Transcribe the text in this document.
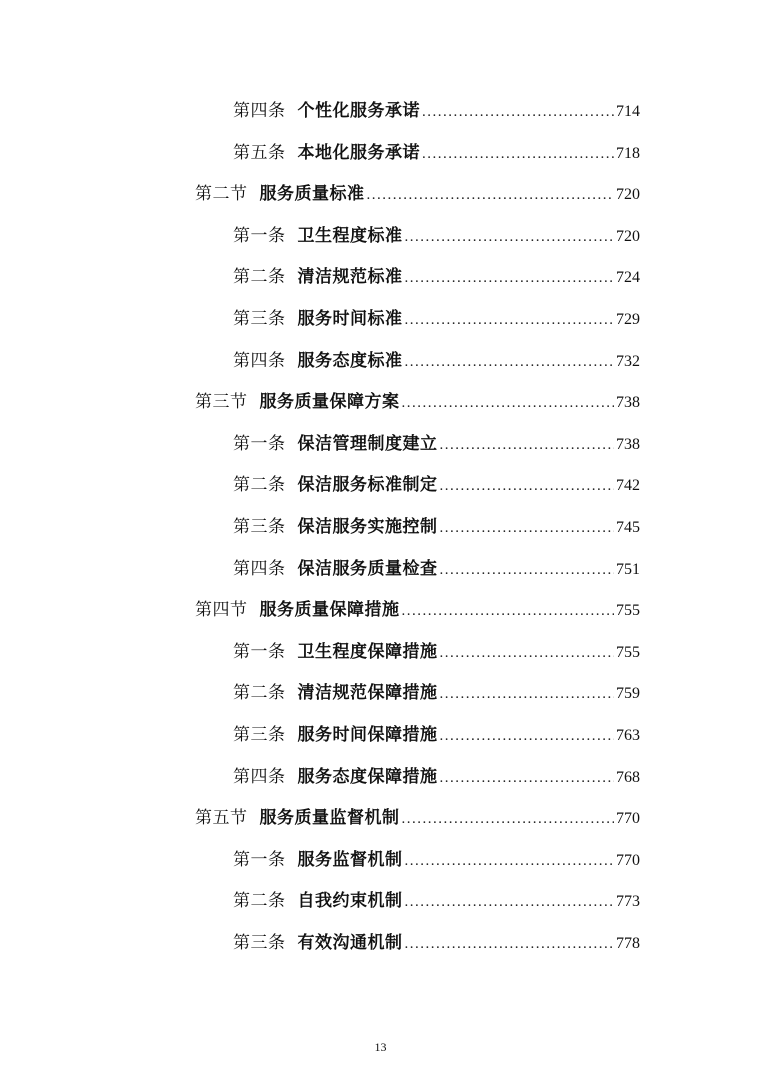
第四条 个性化服务承诺 .....	714
第五条 本地化服务承诺 .....	718
第二节 服务质量标准 .....	720
第一条 卫生程度标准 .....	720
第二条 清洁规范标准 .....	724
第三条 服务时间标准 .....	729
第四条 服务态度标准 .....	732
第三节 服务质量保障方案 .....	738
第一条 保洁管理制度建立 .....	738
第二条 保洁服务标准制定 .....	742
第三条 保洁服务实施控制 .....	745
第四条 保洁服务质量检查 .....	751
第四节 服务质量保障措施 .....	755
第一条 卫生程度保障措施 .....	755
第二条 清洁规范保障措施 .....	759
第三条 服务时间保障措施 .....	763
第四条 服务态度保障措施 .....	768
第五节 服务质量监督机制 .....	770
第一条 服务监督机制 .....	770
第二条 自我约束机制 .....	773
第三条 有效沟通机制 .....	778
13
